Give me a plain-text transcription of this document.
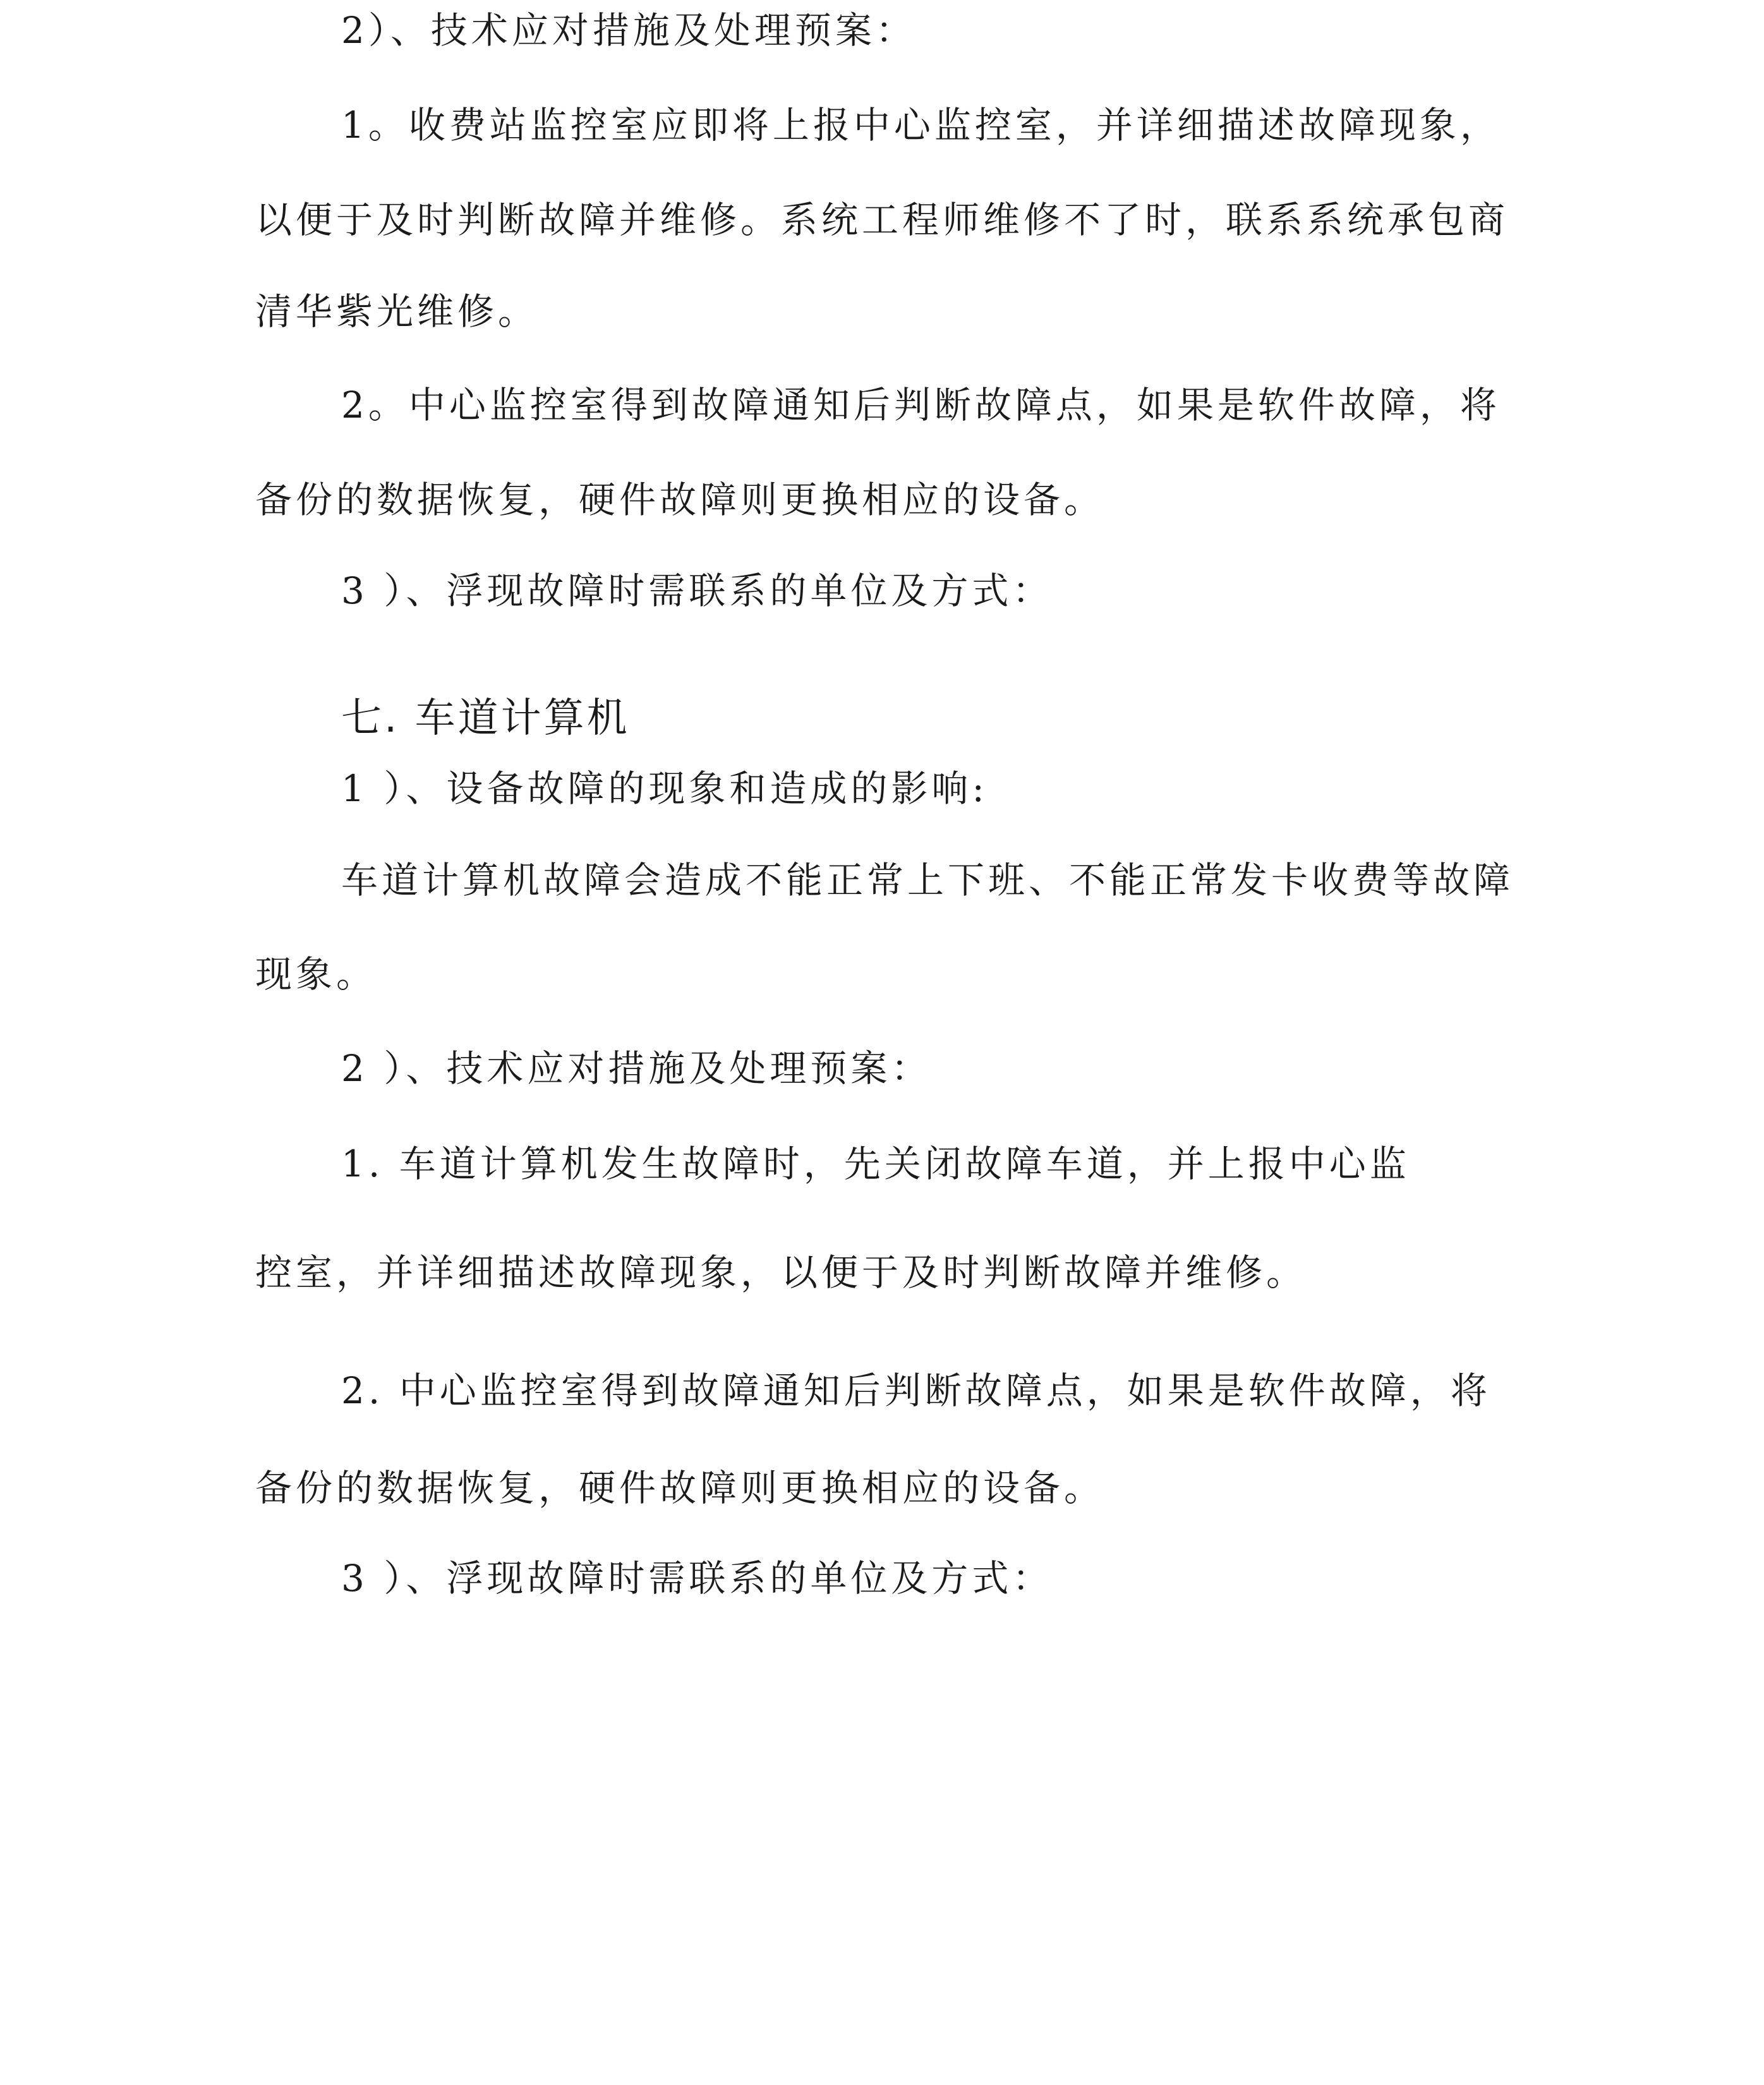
2）、技术应对措施及处理预案：

1。收费站监控室应即将上报中心监控室，并详细描述故障现象，

以便于及时判断故障并维修。系统工程师维修不了时，联系系统承包商

清华紫光维修。

2。中心监控室得到故障通知后判断故障点，如果是软件故障，将

备份的数据恢复，硬件故障则更换相应的设备。

3 ）、浮现故障时需联系的单位及方式：

七. 车道计算机

1 ）、设备故障的现象和造成的影响:

车道计算机故障会造成不能正常上下班、不能正常发卡收费等故障

现象。

2 ）、技术应对措施及处理预案：

1. 车道计算机发生故障时，先关闭故障车道，并上报中心监

控室，并详细描述故障现象，以便于及时判断故障并维修。

2. 中心监控室得到故障通知后判断故障点，如果是软件故障，将

备份的数据恢复，硬件故障则更换相应的设备。

3 ）、浮现故障时需联系的单位及方式：
